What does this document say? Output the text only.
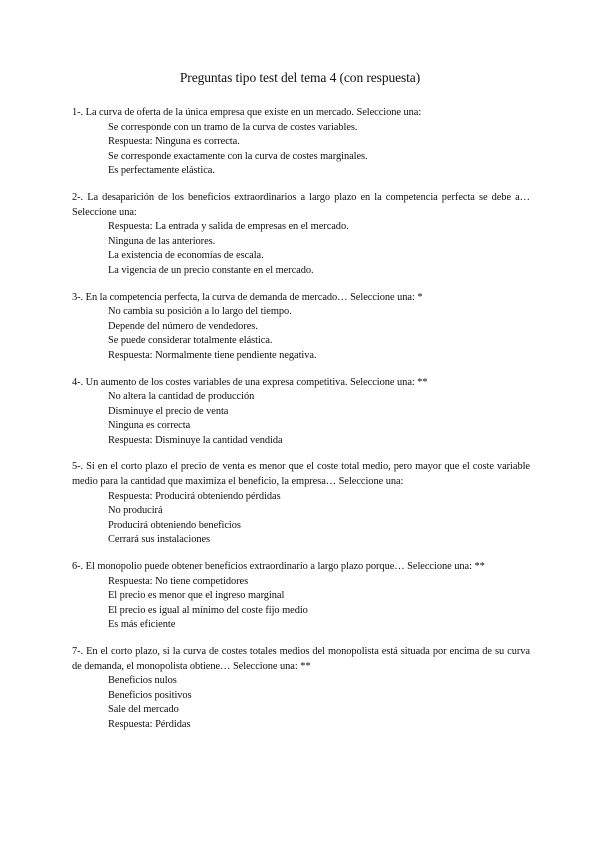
Preguntas tipo test del tema 4 (con respuesta)
1-. La curva de oferta de la única empresa que existe en un mercado. Seleccione una:
Se corresponde con un tramo de la curva de costes variables.
Respuesta: Ninguna es correcta.
Se corresponde exactamente con la curva de costes marginales.
Es perfectamente elástica.
2-. La desaparición de los beneficios extraordinarios a largo plazo en la competencia perfecta se debe a… Seleccione una:
Respuesta: La entrada y salida de empresas en el mercado.
Ninguna de las anteriores.
La existencia de economías de escala.
La vigencia de un precio constante en el mercado.
3-. En la competencia perfecta, la curva de demanda de mercado… Seleccione una: *
No cambia su posición a lo largo del tiempo.
Depende del número de vendedores.
Se puede considerar totalmente elástica.
Respuesta: Normalmente tiene pendiente negativa.
4-. Un aumento de los costes variables de una expresa competitiva. Seleccione una: **
No altera la cantidad de producción
Disminuye el precio de venta
Ninguna es correcta
Respuesta: Disminuye la cantidad vendida
5-. Si en el corto plazo el precio de venta es menor que el coste total medio, pero mayor que el coste variable medio para la cantidad que maximiza el beneficio, la empresa… Seleccione una:
Respuesta: Producirá obteniendo pérdidas
No producirá
Producirá obteniendo beneficios
Cerrará sus instalaciones
6-. El monopolio puede obtener beneficios extraordinario a largo plazo porque… Seleccione una: **
Respuesta: No tiene competidores
El precio es menor que el ingreso marginal
El precio es igual al mínimo del coste fijo medio
Es más eficiente
7-. En el corto plazo, si la curva de costes totales medios del monopolista está situada por encima de su curva de demanda, el monopolista obtiene… Seleccione una: **
Beneficios nulos
Beneficios positivos
Sale del mercado
Respuesta: Pérdidas
